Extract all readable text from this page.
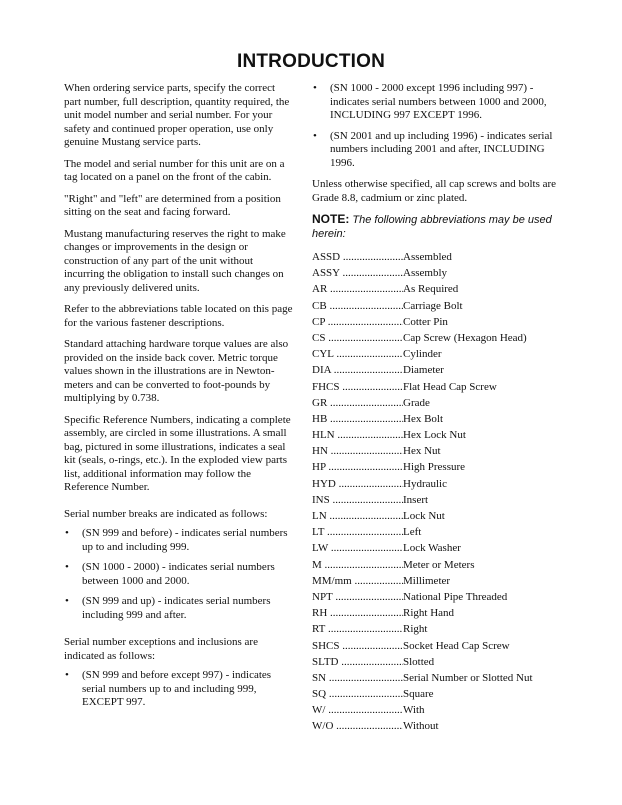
INTRODUCTION

When ordering service parts, specify the correct part number, full description, quantity required, the unit model number and serial number. For your safety and continued proper operation, use only genuine Mustang service parts.

The model and serial number for this unit are on a tag located on a panel on the front of the cabin.

"Right" and "left" are determined from a position sitting on the seat and facing forward.

Mustang manufacturing reserves the right to make changes or improvements in the design or construction of any part of the unit without incurring the obligation to install such changes on any previously delivered units.

Refer to the abbreviations table located on this page for the various fastener descriptions.

Standard attaching hardware torque values are also provided on the inside back cover. Metric torque values shown in the illustrations are in Newton-meters and can be converted to foot-pounds by multiplying by 0.738.

Specific Reference Numbers, indicating a complete assembly, are circled in some illustrations. A small bag, pictured in some illustrations, indicates a seal kit (seals, o-rings, etc.). In the exploded view parts list, additional information may follow the Reference Number.

Serial number breaks are indicated as follows:

• (SN 999 and before) - indicates serial numbers up to and including 999.
• (SN 1000 - 2000) - indicates serial numbers between 1000 and 2000.
• (SN 999 and up) - indicates serial numbers including 999 and after.

Serial number exceptions and inclusions are indicated as follows:

• (SN 999 and before except 997) - indicates serial numbers up to and including 999, EXCEPT 997.
• (SN 1000 - 2000 except 1996 including 997) - indicates serial numbers between 1000 and 2000, INCLUDING 997 EXCEPT 1996.
• (SN 2001 and up including 1996) - indicates serial numbers including 2001 and after, INCLUDING 1996.

Unless otherwise specified, all cap screws and bolts are Grade 8.8, cadmium or zinc plated.

NOTE: The following abbreviations may be used herein:
ASSD .....	Assembled
ASSY .....	Assembly
AR .....	As Required
CB .....	Carriage Bolt
CP .....	Cotter Pin
CS .....	Cap Screw (Hexagon Head)
CYL .....	Cylinder
DIA .....	Diameter
FHCS .....	Flat Head Cap Screw
GR .....	Grade
HB .....	Hex Bolt
HLN .....	Hex Lock Nut
HN .....	Hex Nut
HP .....	High Pressure
HYD .....	Hydraulic
INS .....	Insert
LN .....	Lock Nut
LT .....	Left
LW .....	Lock Washer
M .....	Meter or Meters
MM/mm .....	Millimeter
NPT .....	National Pipe Threaded
RH .....	Right Hand
RT .....	Right
SHCS .....	Socket Head Cap Screw
SLTD .....	Slotted
SN .....	Serial Number or Slotted Nut
SQ .....	Square
W/ .....	With
W/O .....	Without
